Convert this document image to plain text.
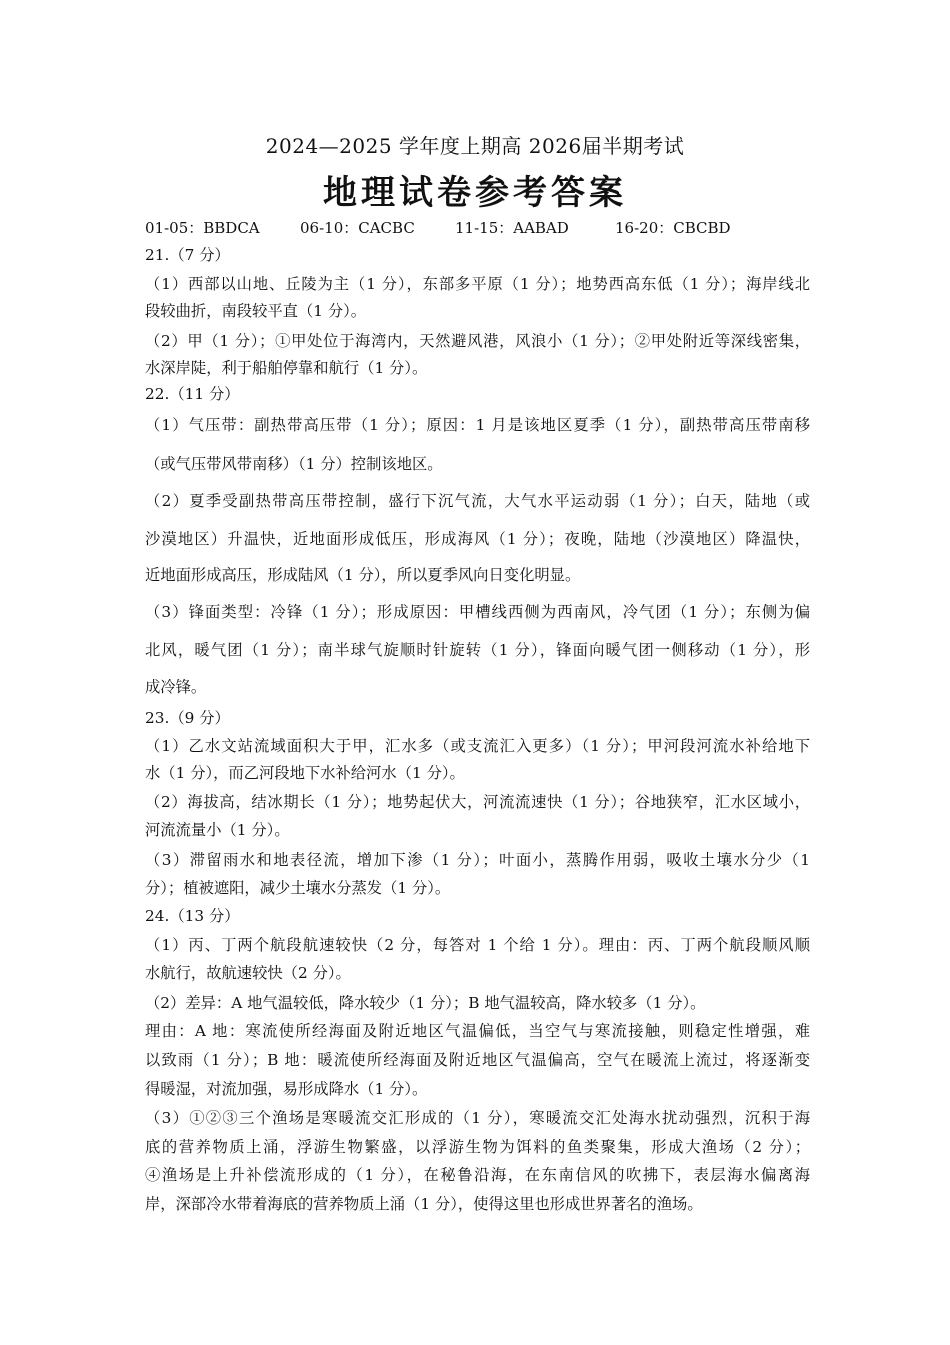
2024—2025 学年度上期高 2026届半期考试
地理试卷参考答案
01-05：BBDCA	06-10：CACBC	11-15：AABAD	16-20：CBCBD
21.（7 分）
（1）西部以山地、丘陵为主（1 分），东部多平原（1 分）；地势西高东低（1 分）；海岸线北
段较曲折，南段较平直（1 分）。
（2）甲（1 分）；①甲处位于海湾内，天然避风港，风浪小（1 分）；②甲处附近等深线密集，
水深岸陡，利于船舶停靠和航行（1 分）。
22.（11 分）
（1）气压带：副热带高压带（1 分）；原因：1 月是该地区夏季（1 分），副热带高压带南移
（或气压带风带南移）（1 分）控制该地区。
（2）夏季受副热带高压带控制，盛行下沉气流，大气水平运动弱（1 分）；白天，陆地（或
沙漠地区）升温快，近地面形成低压，形成海风（1 分）；夜晚，陆地（沙漠地区）降温快，
近地面形成高压，形成陆风（1 分），所以夏季风向日变化明显。
（3）锋面类型：冷锋（1 分）；形成原因：甲槽线西侧为西南风，冷气团（1 分）；东侧为偏
北风，暖气团（1 分）；南半球气旋顺时针旋转（1 分），锋面向暖气团一侧移动（1 分），形
成冷锋。
23.（9 分）
（1）乙水文站流域面积大于甲，汇水多（或支流汇入更多）（1 分）；甲河段河流水补给地下
水（1 分），而乙河段地下水补给河水（1 分）。
（2）海拔高，结冰期长（1 分）；地势起伏大，河流流速快（1 分）；谷地狭窄，汇水区域小，
河流流量小（1 分）。
（3）滞留雨水和地表径流，增加下渗（1 分）；叶面小，蒸腾作用弱，吸收土壤水分少（1
分）；植被遮阳，减少土壤水分蒸发（1 分）。
24.（13 分）
（1）丙、丁两个航段航速较快（2 分，每答对 1 个给 1 分）。理由：丙、丁两个航段顺风顺
水航行，故航速较快（2 分）。
（2）差异：A 地气温较低，降水较少（1 分）；B 地气温较高，降水较多（1 分）。
理由：A 地：寒流使所经海面及附近地区气温偏低，当空气与寒流接触，则稳定性增强，难
以致雨（1 分）；B 地：暖流使所经海面及附近地区气温偏高，空气在暖流上流过，将逐渐变
得暖湿，对流加强，易形成降水（1 分）。
（3）①②③三个渔场是寒暖流交汇形成的（1 分），寒暖流交汇处海水扰动强烈，沉积于海
底的营养物质上涌，浮游生物繁盛，以浮游生物为饵料的鱼类聚集，形成大渔场（2 分）；
④渔场是上升补偿流形成的（1 分），在秘鲁沿海，在东南信风的吹拂下，表层海水偏离海
岸，深部冷水带着海底的营养物质上涌（1 分），使得这里也形成世界著名的渔场。
